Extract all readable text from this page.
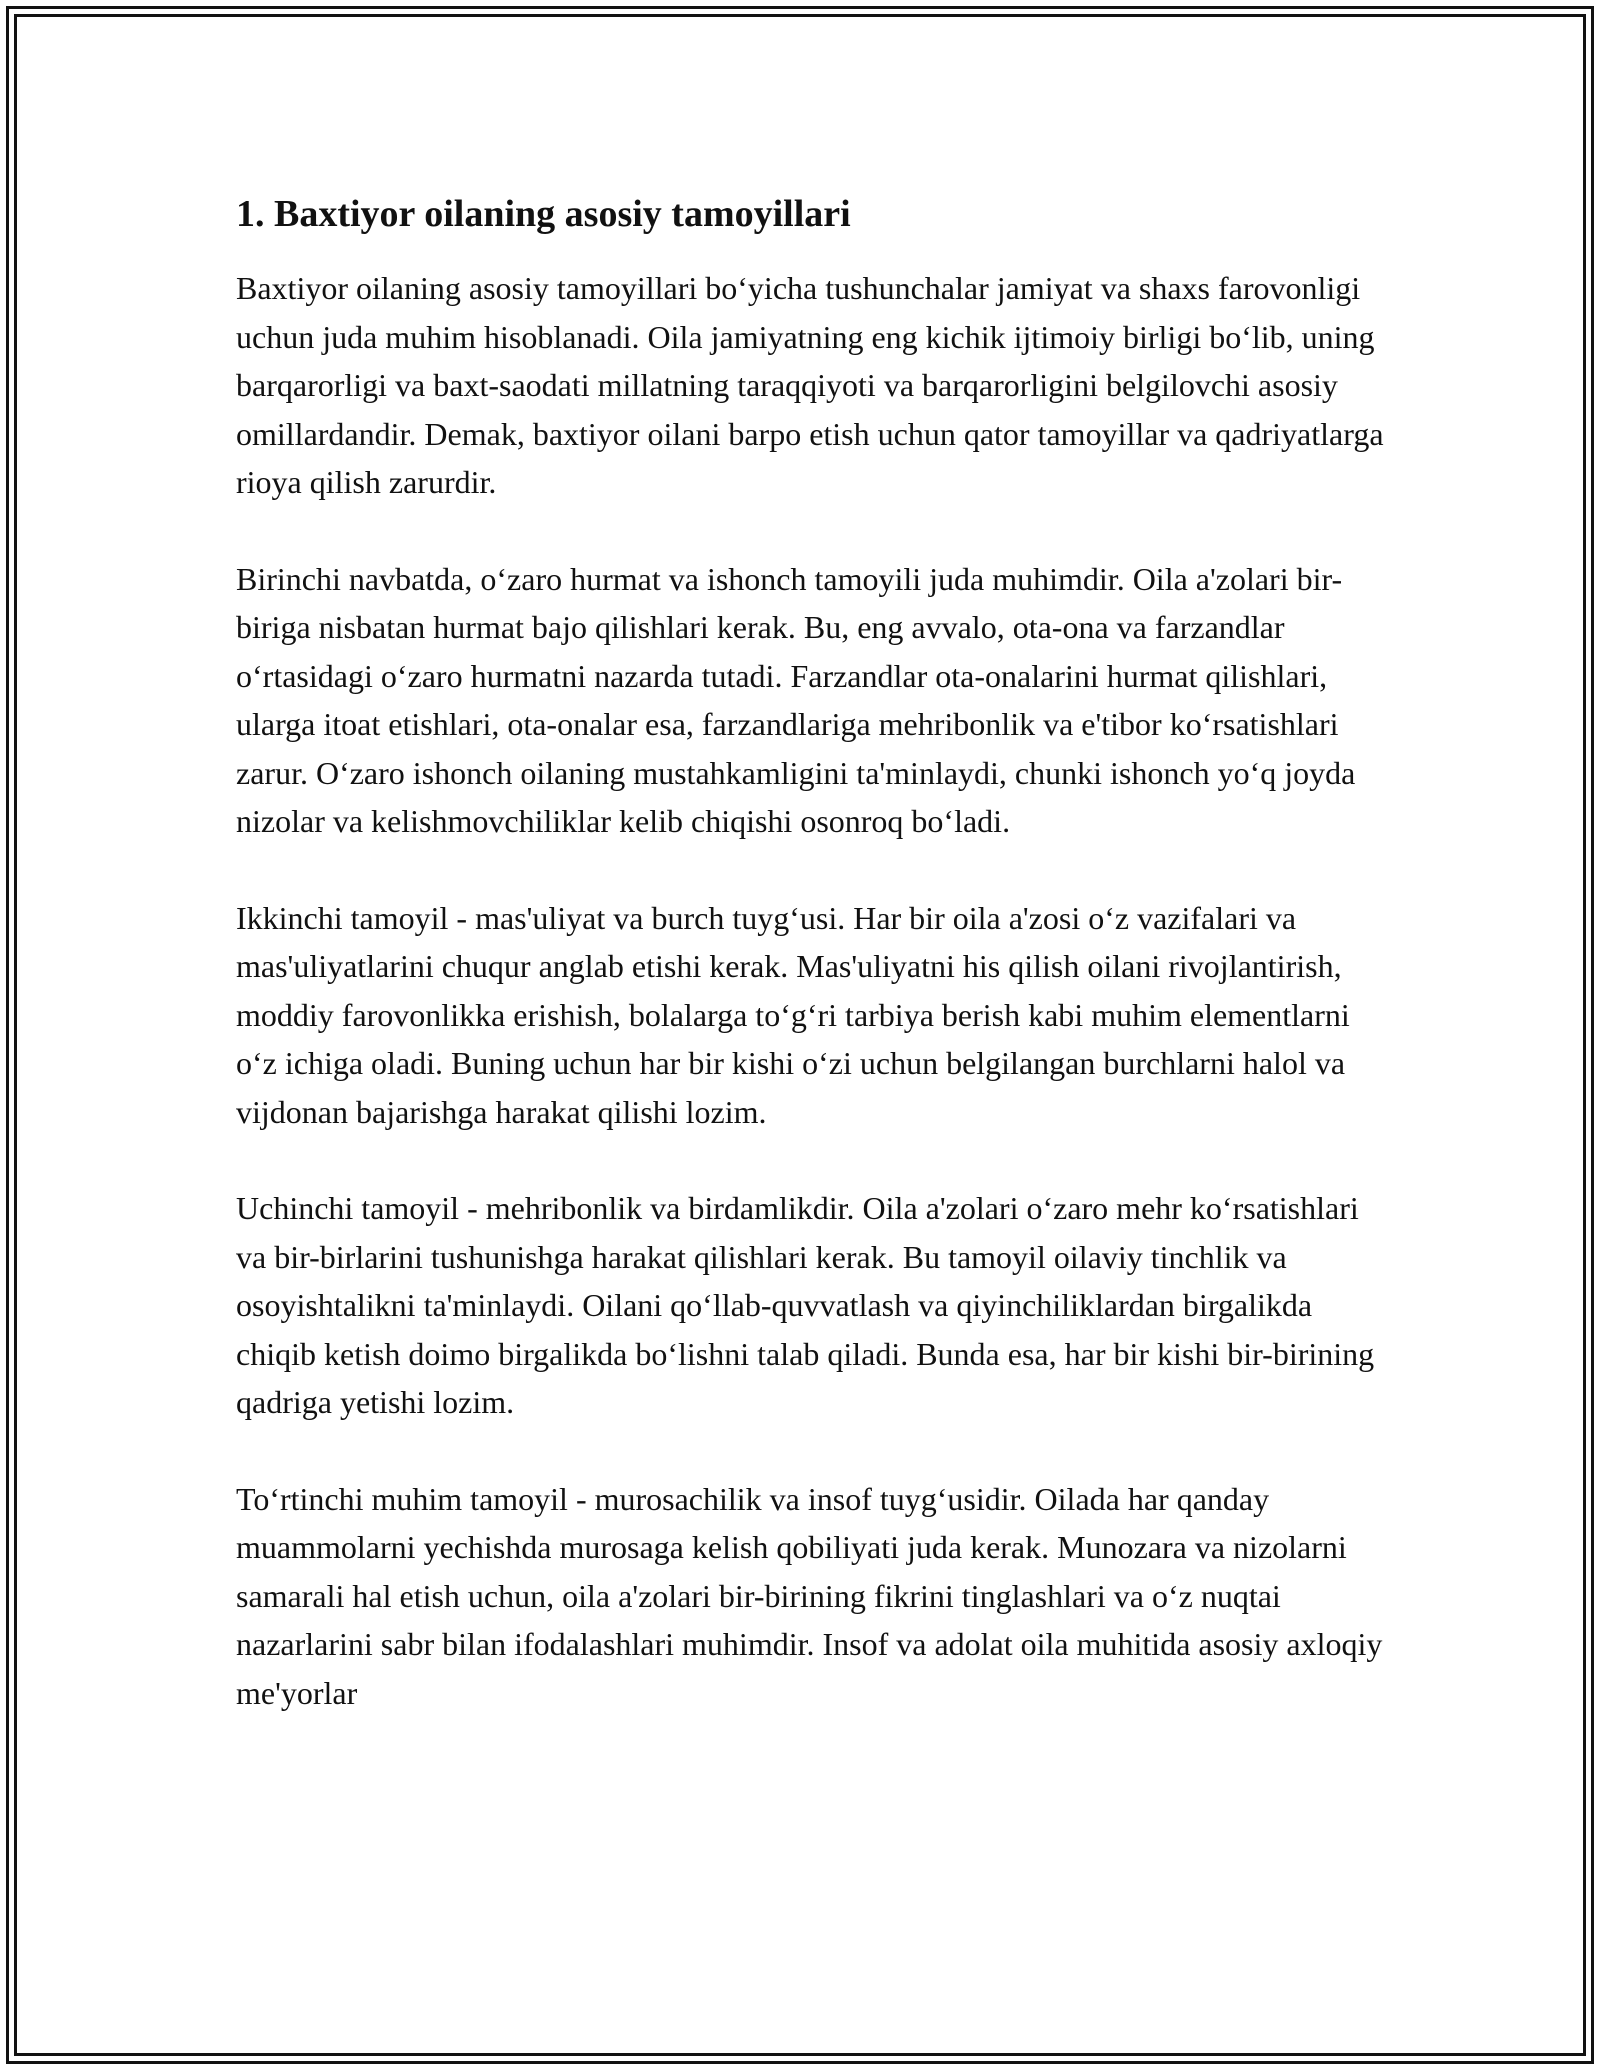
1. Baxtiyor oilaning asosiy tamoyillari

Baxtiyor oilaning asosiy tamoyillari bo‘yicha tushunchalar jamiyat va shaxs farovonligi uchun juda muhim hisoblanadi. Oila jamiyatning eng kichik ijtimoiy birligi bo‘lib, uning barqarorligi va baxt-saodati millatning taraqqiyoti va barqarorligini belgilovchi asosiy omillardandir. Demak, baxtiyor oilani barpo etish uchun qator tamoyillar va qadriyatlarga rioya qilish zarurdir.

Birinchi navbatda, o‘zaro hurmat va ishonch tamoyili juda muhimdir. Oila a'zolari bir-biriga nisbatan hurmat bajo qilishlari kerak. Bu, eng avvalo, ota-ona va farzandlar o‘rtasidagi o‘zaro hurmatni nazarda tutadi. Farzandlar ota-onalarini hurmat qilishlari, ularga itoat etishlari, ota-onalar esa, farzandlariga mehribonlik va e'tibor ko‘rsatishlari zarur. O‘zaro ishonch oilaning mustahkamligini ta'minlaydi, chunki ishonch yo‘q joyda nizolar va kelishmovchiliklar kelib chiqishi osonroq bo‘ladi.

Ikkinchi tamoyil - mas'uliyat va burch tuyg‘usi. Har bir oila a'zosi o‘z vazifalari va mas'uliyatlarini chuqur anglab etishi kerak. Mas'uliyatni his qilish oilani rivojlantirish, moddiy farovonlikka erishish, bolalarga to‘g‘ri tarbiya berish kabi muhim elementlarni o‘z ichiga oladi. Buning uchun har bir kishi o‘zi uchun belgilangan burchlarni halol va vijdonan bajarishga harakat qilishi lozim.

Uchinchi tamoyil - mehribonlik va birdamlikdir. Oila a'zolari o‘zaro mehr ko‘rsatishlari va bir-birlarini tushunishga harakat qilishlari kerak. Bu tamoyil oilaviy tinchlik va osoyishtalikni ta'minlaydi. Oilani qo‘llab-quvvatlash va qiyinchiliklardan birgalikda chiqib ketish doimo birgalikda bo‘lishni talab qiladi. Bunda esa, har bir kishi bir-birining qadriga yetishi lozim.

To‘rtinchi muhim tamoyil - murosachilik va insof tuyg‘usidir. Oilada har qanday muammolarni yechishda murosaga kelish qobiliyati juda kerak. Munozara va nizolarni samarali hal etish uchun, oila a'zolari bir-birining fikrini tinglashlari va o‘z nuqtai nazarlarini sabr bilan ifodalashlari muhimdir. Insof va adolat oila muhitida asosiy axloqiy me'yorlar
